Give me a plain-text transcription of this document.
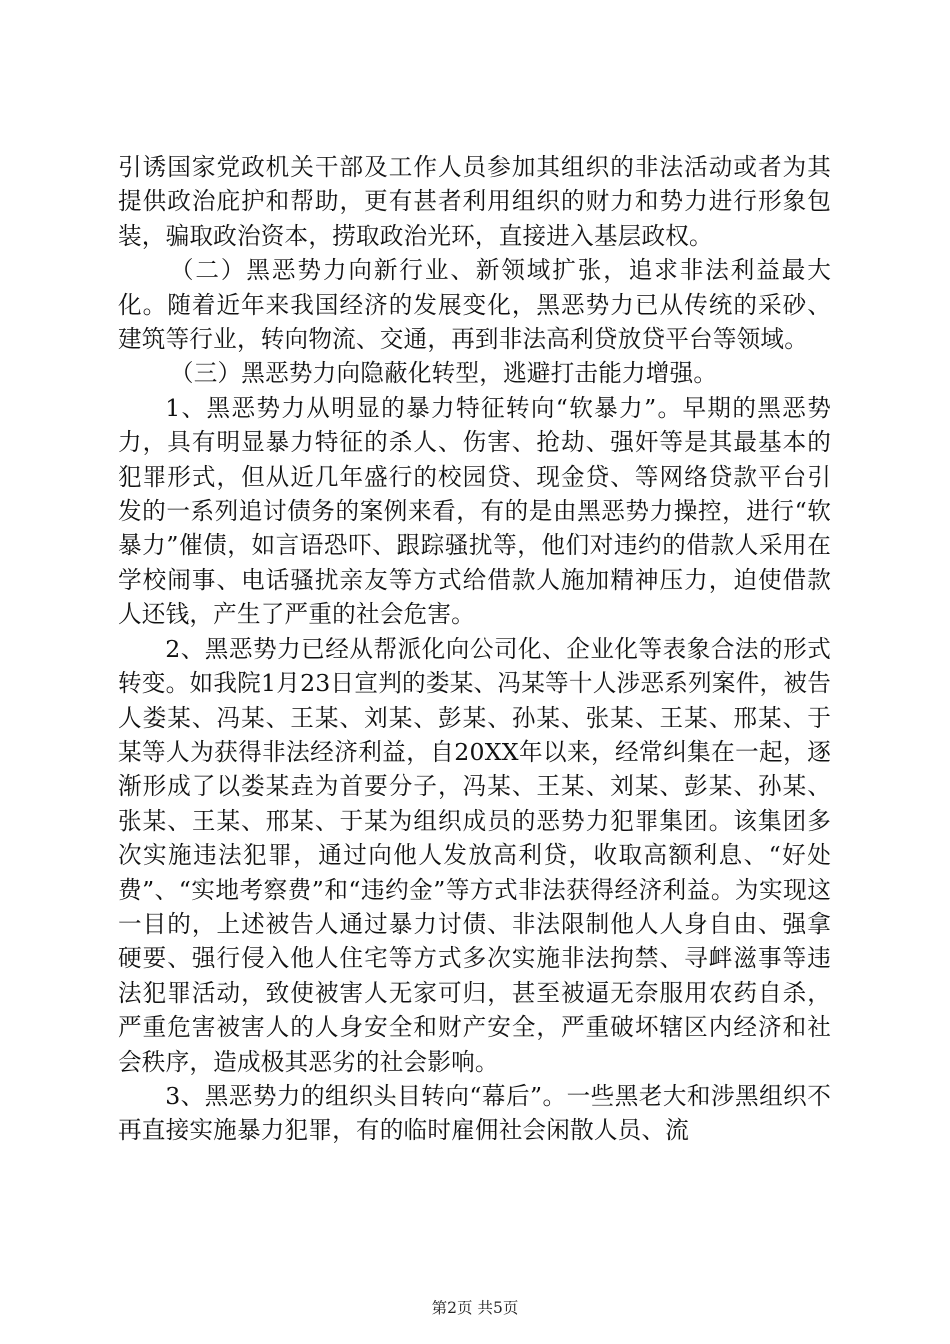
引诱国家党政机关干部及工作人员参加其组织的非法活动或者为其提供政治庇护和帮助，更有甚者利用组织的财力和势力进行形象包装，骗取政治资本，捞取政治光环，直接进入基层政权。

（二）黑恶势力向新行业、新领域扩张，追求非法利益最大化。随着近年来我国经济的发展变化，黑恶势力已从传统的采砂、建筑等行业，转向物流、交通，再到非法高利贷放贷平台等领域。

（三）黑恶势力向隐蔽化转型，逃避打击能力增强。

1、黑恶势力从明显的暴力特征转向“软暴力”。早期的黑恶势力，具有明显暴力特征的杀人、伤害、抢劫、强奸等是其最基本的犯罪形式，但从近几年盛行的校园贷、现金贷、等网络贷款平台引发的一系列追讨债务的案例来看，有的是由黑恶势力操控，进行“软暴力”催债，如言语恐吓、跟踪骚扰等，他们对违约的借款人采用在学校闹事、电话骚扰亲友等方式给借款人施加精神压力，迫使借款人还钱，产生了严重的社会危害。

2、黑恶势力已经从帮派化向公司化、企业化等表象合法的形式转变。如我院1月23日宣判的娄某、冯某等十人涉恶系列案件，被告人娄某、冯某、王某、刘某、彭某、孙某、张某、王某、邢某、于某等人为获得非法经济利益，自20XX年以来，经常纠集在一起，逐渐形成了以娄某垚为首要分子，冯某、王某、刘某、彭某、孙某、张某、王某、邢某、于某为组织成员的恶势力犯罪集团。该集团多次实施违法犯罪，通过向他人发放高利贷，收取高额利息、“好处费”、“实地考察费”和“违约金”等方式非法获得经济利益。为实现这一目的，上述被告人通过暴力讨债、非法限制他人人身自由、强拿硬要、强行侵入他人住宅等方式多次实施非法拘禁、寻衅滋事等违法犯罪活动，致使被害人无家可归，甚至被逼无奈服用农药自杀，严重危害被害人的人身安全和财产安全，严重破坏辖区内经济和社会秩序，造成极其恶劣的社会影响。

3、黑恶势力的组织头目转向“幕后”。一些黑老大和涉黑组织不再直接实施暴力犯罪，有的临时雇佣社会闲散人员、流

第2页 共5页
